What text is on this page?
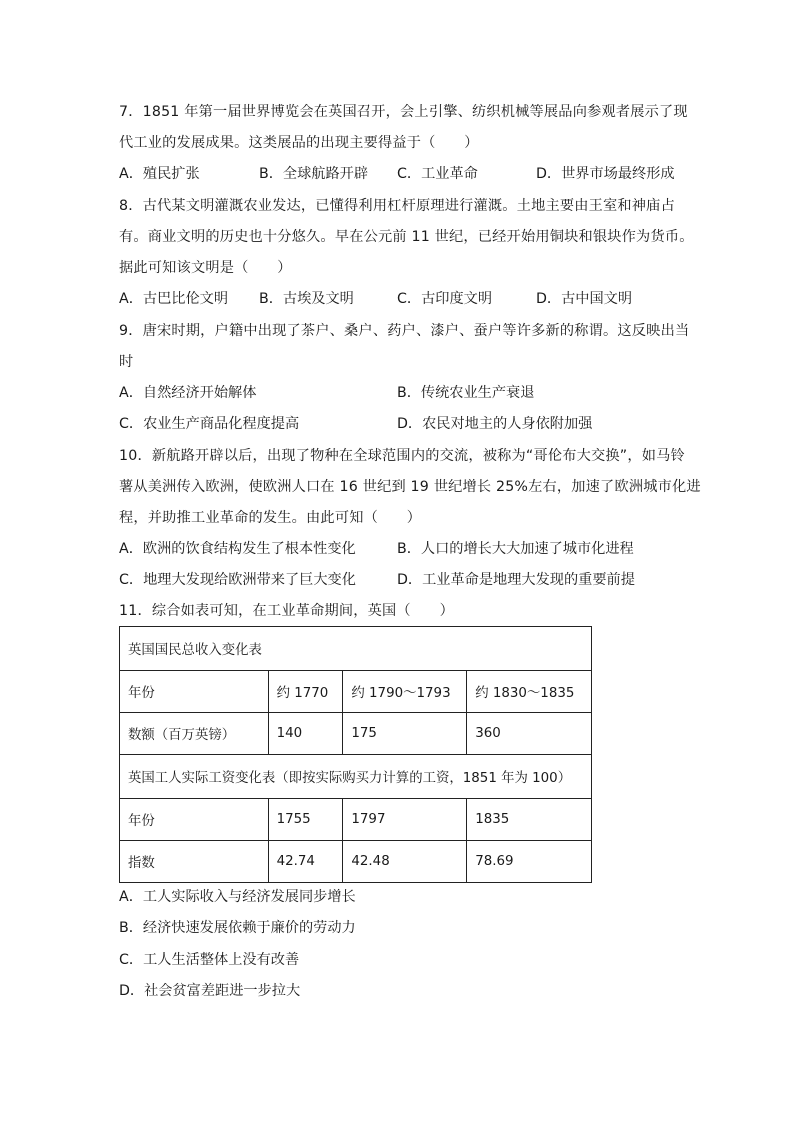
7．1851 年第一届世界博览会在英国召开，会上引擎、纺织机械等展品向参观者展示了现
代工业的发展成果。这类展品的出现主要得益于（　　）
A．殖民扩张	B．全球航路开辟 C．工业革命	D．世界市场最终形成
8．古代某文明灌溉农业发达，已懂得利用杠杆原理进行灌溉。土地主要由王室和神庙占
有。商业文明的历史也十分悠久。早在公元前 11 世纪，已经开始用铜块和银块作为货币。
据此可知该文明是（　　）
A．古巴比伦文明 B．古埃及文明	C．古印度文明	D．古中国文明
9．唐宋时期，户籍中出现了茶户、桑户、药户、漆户、蚕户等许多新的称谓。这反映出当
时
A．自然经济开始解体	B．传统农业生产衰退
C．农业生产商品化程度提高	D．农民对地主的人身依附加强
10．新航路开辟以后，出现了物种在全球范围内的交流，被称为“哥伦布大交换”，如马铃
薯从美洲传入欧洲，使欧洲人口在 16 世纪到 19 世纪增长 25%左右，加速了欧洲城市化进
程，并助推工业革命的发生。由此可知（　　）
A．欧洲的饮食结构发生了根本性变化	B．人口的增长大大加速了城市化进程
C．地理大发现给欧洲带来了巨大变化	D．工业革命是地理大发现的重要前提
11．综合如表可知，在工业革命期间，英国（　　）
英国国民总收入变化表			
年份	约 1770	约 1790～1793	约 1830～1835
数额（百万英镑）	140	175	360
英国工人实际工资变化表（即按实际购买力计算的工资，1851 年为 100）			
年份	1755	1797	1835
指数	42.74	42.48	78.69
A．工人实际收入与经济发展同步增长
B．经济快速发展依赖于廉价的劳动力
C．工人生活整体上没有改善
D．社会贫富差距进一步拉大
